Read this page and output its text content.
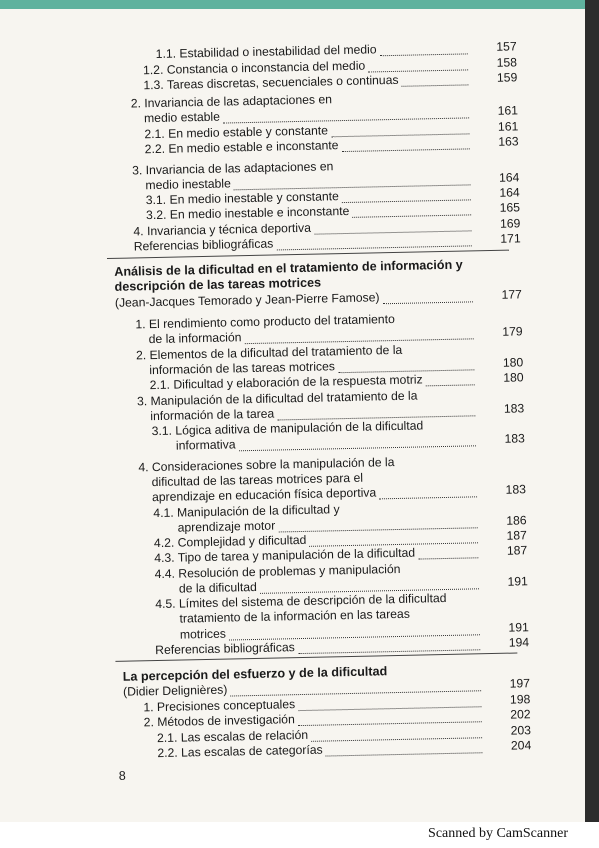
8
1.1. Estabilidad o inestabilidad del medio	157
1.2. Constancia o inconstancia del medio	158
1.3. Tareas discretas, secuenciales o continuas	159
2. Invariancia de las adaptaciones en
medio estable	161
2.1. En medio estable y constante	161
2.2. En medio estable e inconstante	163
3. Invariancia de las adaptaciones en
medio inestable	164
3.1. En medio inestable y constante	164
3.2. En medio inestable e inconstante	165
4. Invariancia y técnica deportiva	169
Referencias bibliográficas	171
Análisis de la dificultad en el tratamiento de información y
descripción de las tareas motrices
(Jean-Jacques Temorado y Jean-Pierre Famose)	177
1. El rendimiento como producto del tratamiento
de la información	179
2. Elementos de la dificultad del tratamiento de la
información de las tareas motrices	180
2.1. Dificultad y elaboración de la respuesta motriz	180
3. Manipulación de la dificultad del tratamiento de la
información de la tarea	183
3.1. Lógica aditiva de manipulación de la dificultad
informativa	183
4. Consideraciones sobre la manipulación de la
dificultad de las tareas motrices para el
aprendizaje en educación física deportiva	183
4.1. Manipulación de la dificultad y
aprendizaje motor	186
4.2. Complejidad y dificultad	187
4.3. Tipo de tarea y manipulación de la dificultad	187
4.4. Resolución de problemas y manipulación
de la dificultad	191
4.5. Límites del sistema de descripción de la dificultad
tratamiento de la información en las tareas
motrices	191
Referencias bibliográficas	194
La percepción del esfuerzo y de la dificultad
(Didier Delignières)	197
1. Precisiones conceptuales	198
2. Métodos de investigación	202
2.1. Las escalas de relación	203
2.2. Las escalas de categorías	204
Scanned by CamScanner
